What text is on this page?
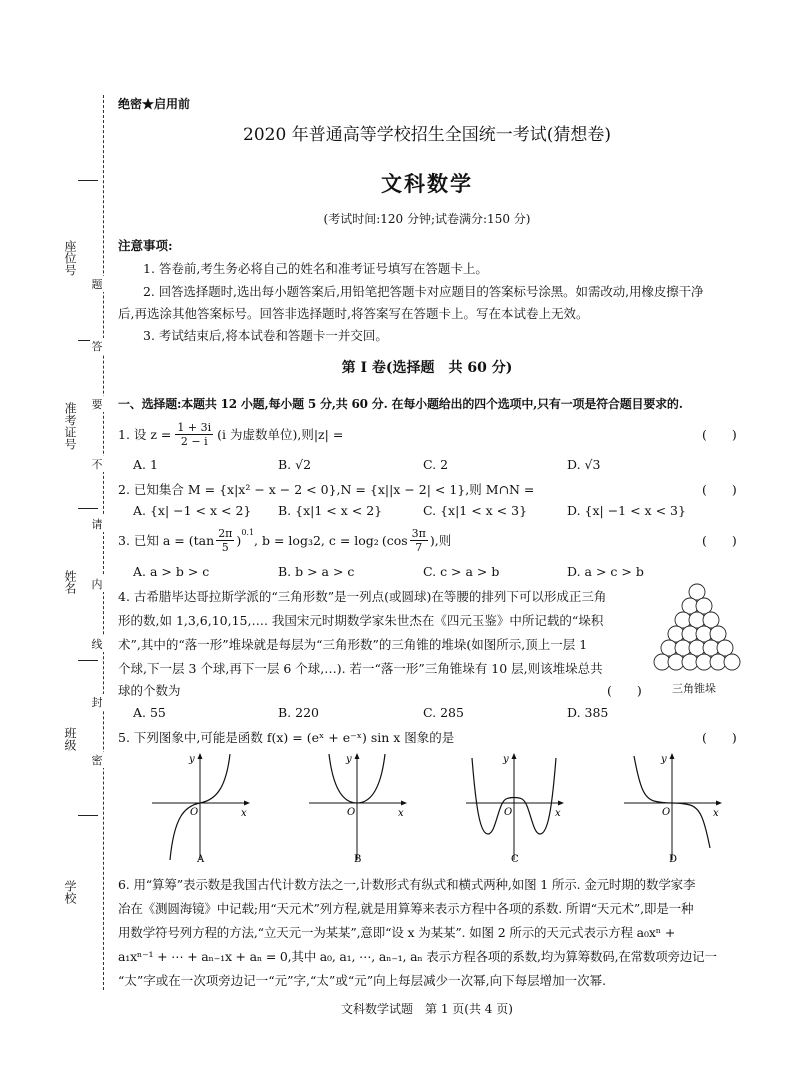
座位号
准考证号
姓名
班级
学校
题
答
要
不
请
内
线
封
密
绝密★启用前
2020 年普通高等学校招生全国统一考试(猜想卷)
文科数学
(考试时间:120 分钟;试卷满分:150 分)
注意事项:
1. 答卷前,考生务必将自己的姓名和准考证号填写在答题卡上。
2. 回答选择题时,选出每小题答案后,用铅笔把答题卡对应题目的答案标号涂黑。如需改动,用橡皮擦干净
后,再选涂其他答案标号。回答非选择题时,将答案写在答题卡上。写在本试卷上无效。
3. 考试结束后,将本试卷和答题卡一并交回。
第 I 卷(选择题　共 60 分)
一、选择题:本题共 12 小题,每小题 5 分,共 60 分. 在每小题给出的四个选项中,只有一项是符合题目要求的.
1. 设 $z = \frac{1 + 3i}{2 - i} (i$ 为虚数单位),则|z| =	(　　)
A. 1	B. √2	C. 2	D. √3
2. 已知集合 M = {x|x² − x − 2 < 0},N = {x||x − 2| < 1},则 M∩N =	(　　)
A. {x| −1 < x < 2} B. {x|1 < x < 2}	C. {x|1 < x < 3}	D. {x| −1 < x < 3}
3. 已知 $a = (\tan \frac{2\pi}{5}$ )
$^{0.1}$
, b = log₃2, c = log₂ ($\cos \frac{3\pi}{7}$ ),则	(　　)
A. a > b > c	B. b > a > c	C. c > a > b	D. a > c > b
4. 古希腊毕达哥拉斯学派的“三角形数”是一列点(或圆球)在等腰的排列下可以形成正三角
形的数,如 1,3,6,10,15,…. 我国宋元时期数学家朱世杰在《四元玉鉴》中所记载的“垛积
术”,其中的“落一形”堆垛就是每层为“三角形数”的三角锥的堆垛(如图所示,顶上一层 1
个球,下一层 3 个球,再下一层 6 个球,…). 若一“落一形”三角锥垛有 10 层,则该堆垛总共
球的个数为	(　　)	三角锥垛
A. 55	B. 220	C. 285	D. 385
5. 下列图象中,可能是函数 f(x) = (eˣ + e⁻ˣ) sin x 图象的是	(　　)
x
y
O
A
x
y
O
B
x
y
O
C
x
y
O
D
6. 用“算筹”表示数是我国古代计数方法之一,计数形式有纵式和横式两种,如图 1 所示. 金元时期的数学家李
冶在《测圆海镜》中记载;用“天元术”列方程,就是用算筹来表示方程中各项的系数. 所谓“天元术”,即是一种
用数学符号列方程的方法,“立天元一为某某”,意即“设 x 为某某”. 如图 2 所示的天元式表示方程 a₀xⁿ +
a₁xⁿ⁻¹ + ⋯ + aₙ₋₁x + aₙ = 0,其中 a₀, a₁, ⋯, aₙ₋₁, aₙ 表示方程各项的系数,均为算筹数码,在常数项旁边记一
“太”字或在一次项旁边记一“元”字,“太”或“元”向上每层减少一次幂,向下每层增加一次幂.
文科数学试题　第 1 页(共 4 页)
